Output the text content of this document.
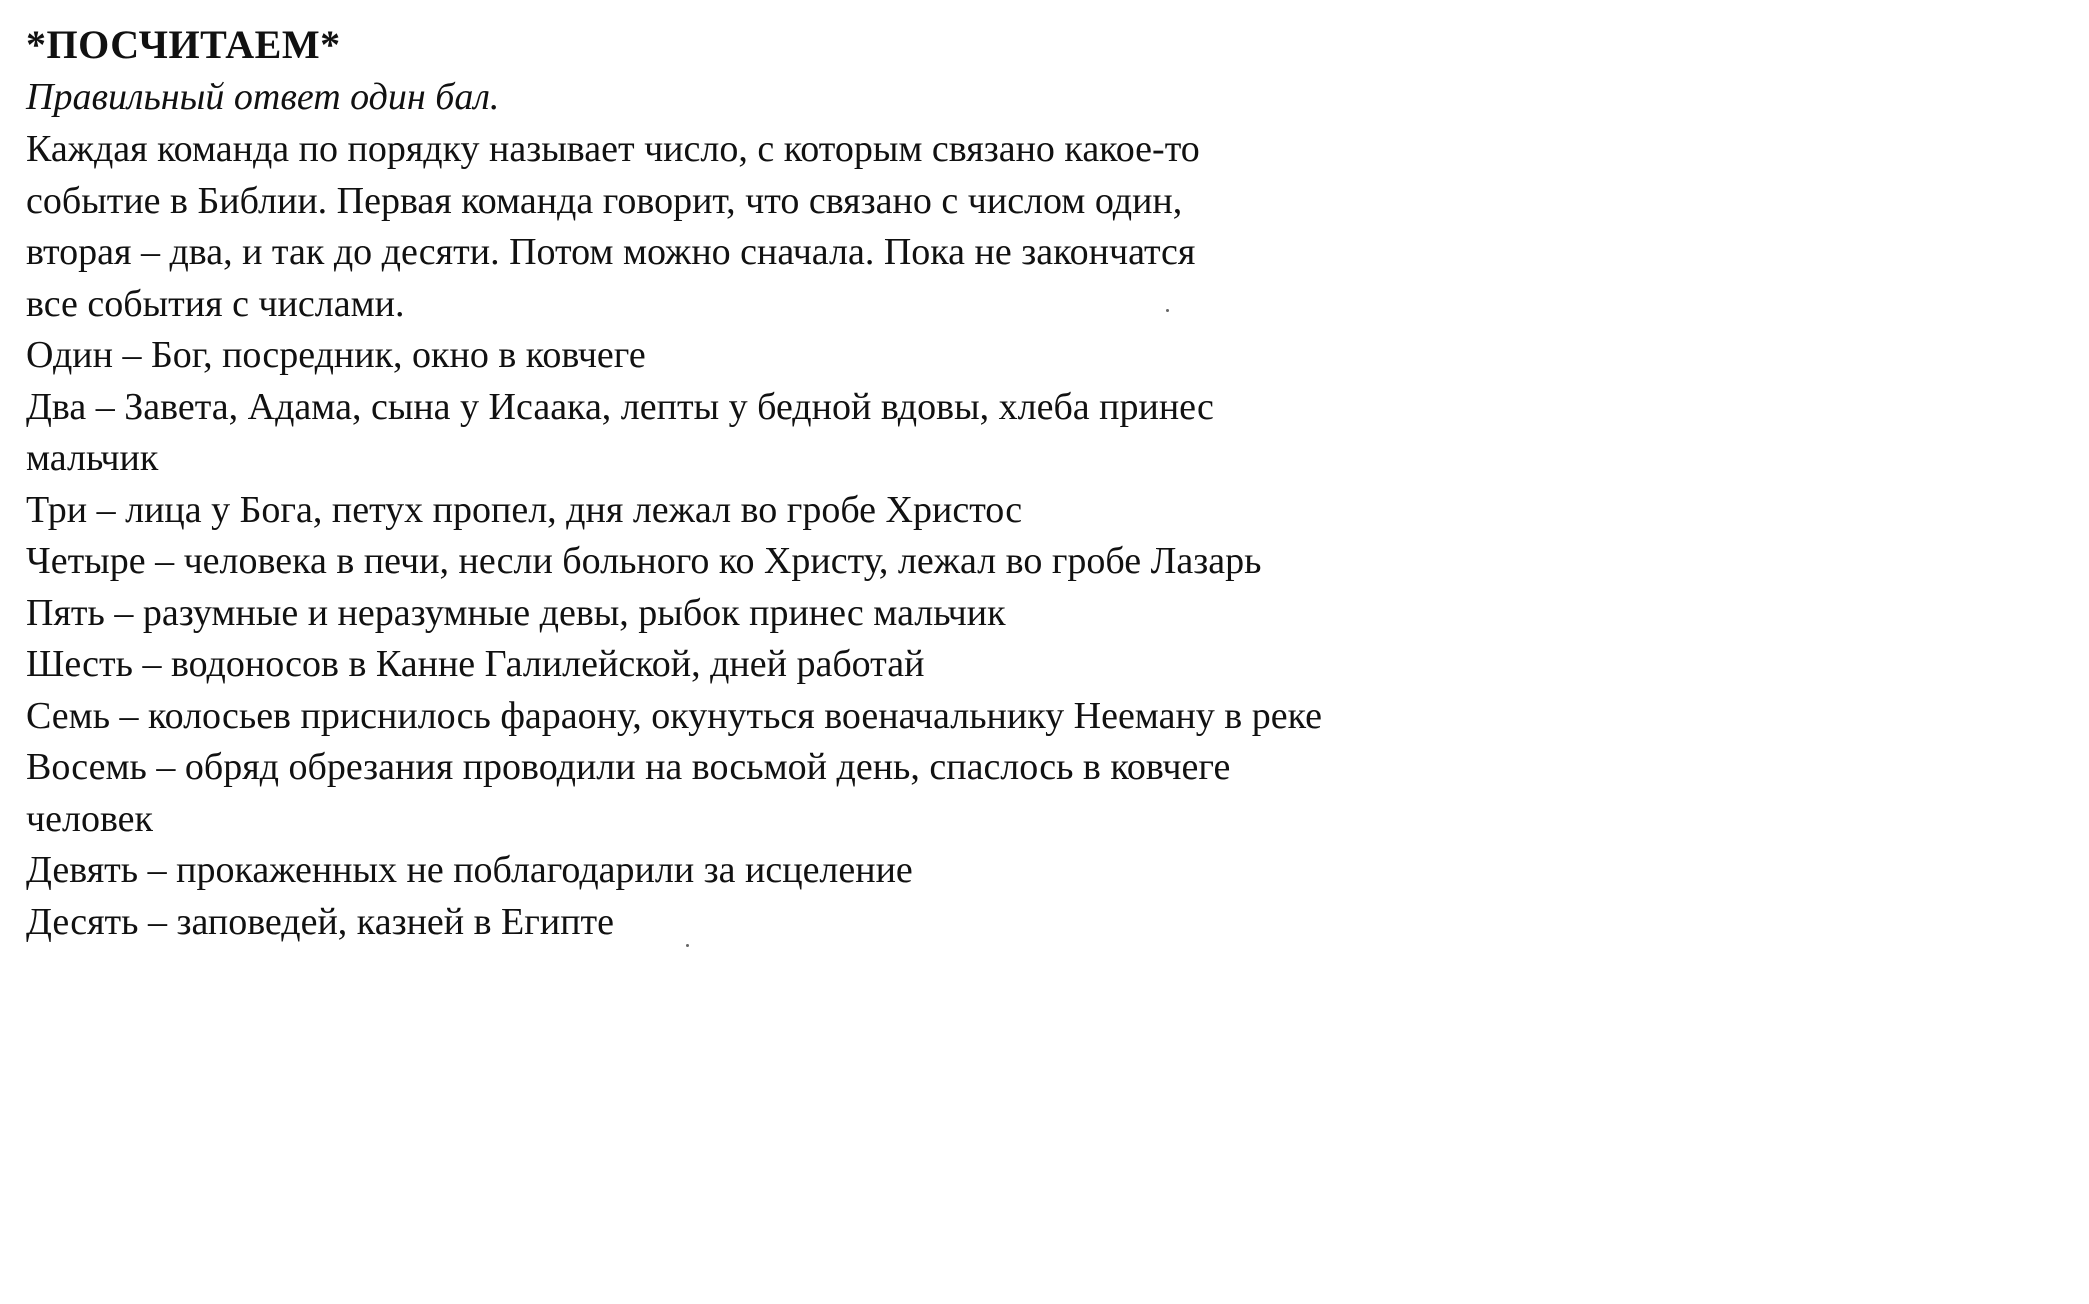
*ПОСЧИТАЕМ*
Правильный ответ один бал.
Каждая команда по порядку называет число, с которым связано какое-то
событие в Библии. Первая команда говорит, что связано с числом один,
вторая – два, и так до десяти. Потом можно сначала. Пока не закончатся
все события с числами.
Один – Бог, посредник, окно в ковчеге
Два – Завета, Адама, сына у Исаака, лепты у бедной вдовы, хлеба принес
мальчик
Три – лица у Бога, петух пропел, дня лежал во гробе Христос
Четыре – человека в печи, несли больного ко Христу, лежал во гробе Лазарь
Пять – разумные и неразумные девы, рыбок принес мальчик
Шесть – водоносов в Канне Галилейской, дней работай
Семь – колосьев приснилось фараону, окунуться военачальнику Нееману в реке
Восемь – обряд обрезания проводили на восьмой день, спаслось в ковчеге
человек
Девять – прокаженных не поблагодарили за исцеление
Десять – заповедей, казней в Египте
